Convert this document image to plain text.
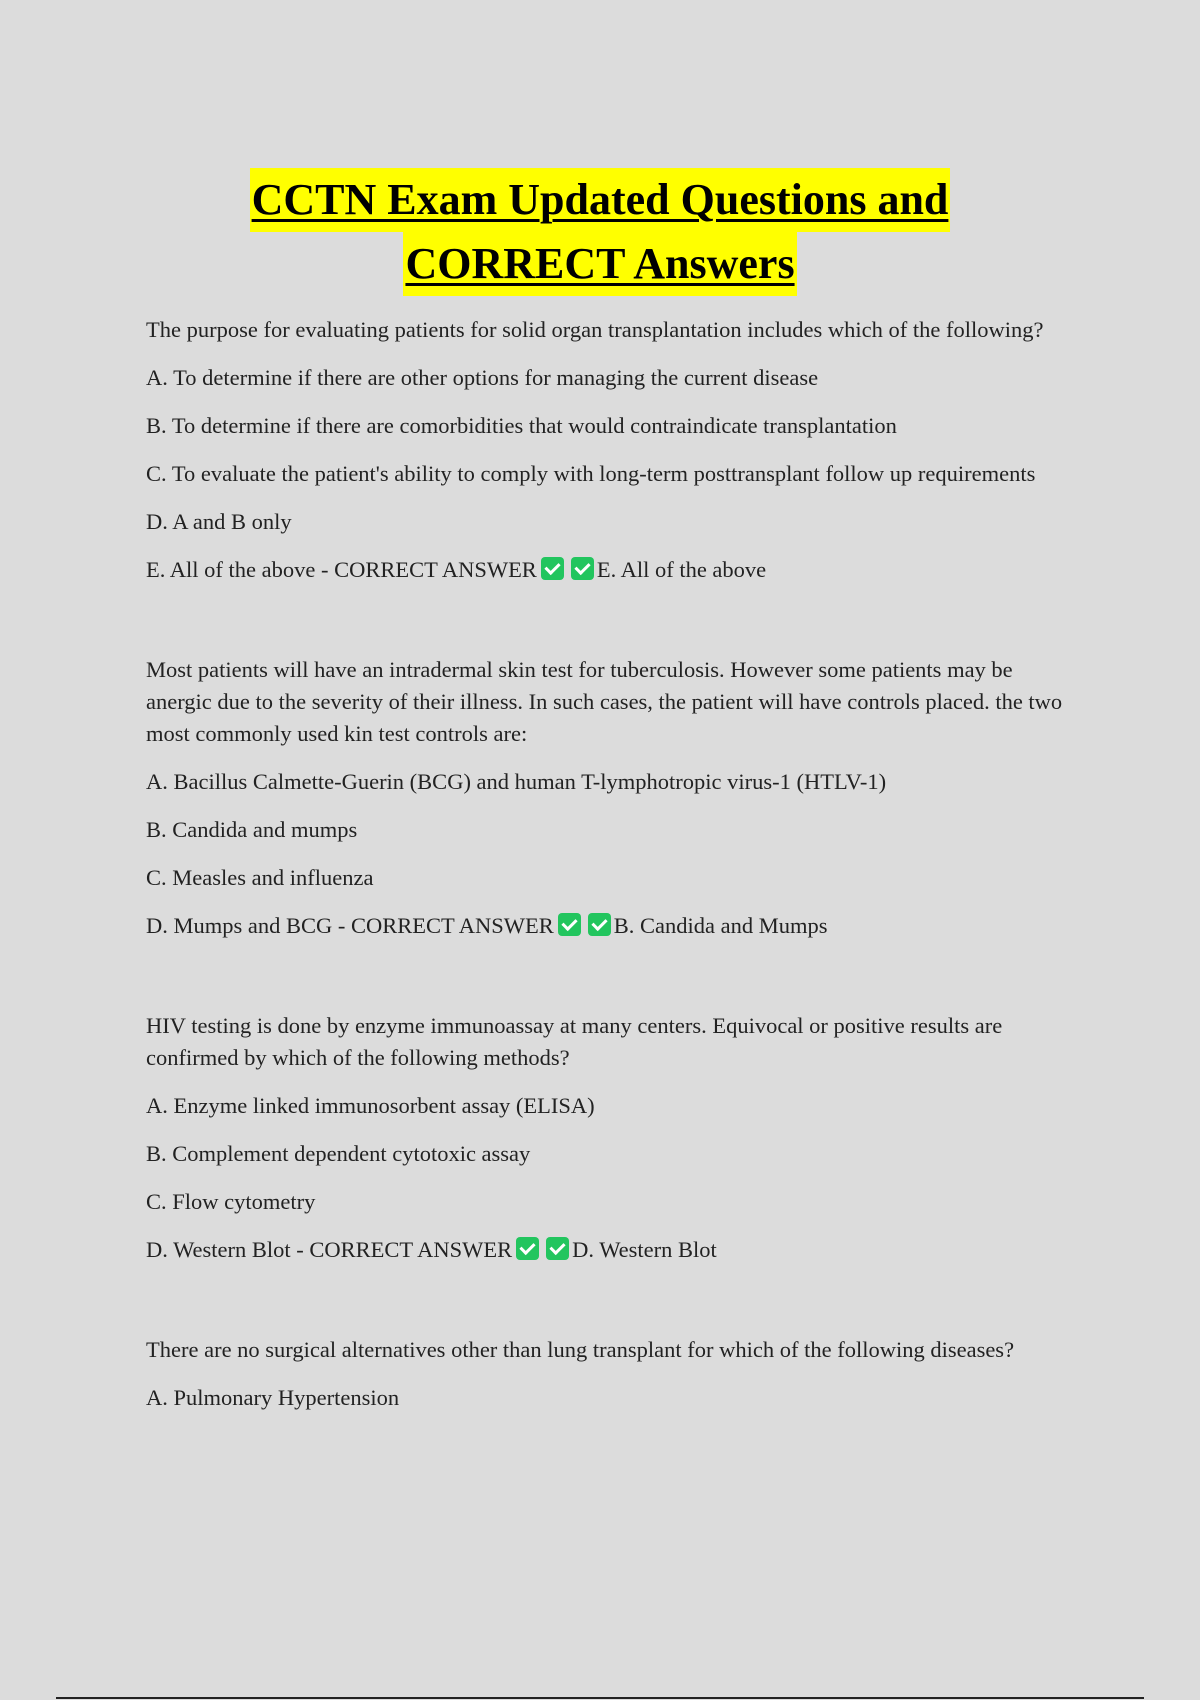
CCTN Exam Updated Questions and
CORRECT Answers

The purpose for evaluating patients for solid organ transplantation includes which of the following?

A. To determine if there are other options for managing the current disease

B. To determine if there are comorbidities that would contraindicate transplantation

C. To evaluate the patient's ability to comply with long-term posttransplant follow up requirements

D. A and B only

E. All of the above - CORRECT ANSWER	E. All of the above

Most patients will have an intradermal skin test for tuberculosis. However some patients may be anergic due to the severity of their illness. In such cases, the patient will have controls placed. the two most commonly used kin test controls are:

A. Bacillus Calmette-Guerin (BCG) and human T-lymphotropic virus-1 (HTLV-1)

B. Candida and mumps

C. Measles and influenza

D. Mumps and BCG - CORRECT ANSWER	B. Candida and Mumps

HIV testing is done by enzyme immunoassay at many centers. Equivocal or positive results are confirmed by which of the following methods?

A. Enzyme linked immunosorbent assay (ELISA)

B. Complement dependent cytotoxic assay

C. Flow cytometry

D. Western Blot - CORRECT ANSWER	D. Western Blot

There are no surgical alternatives other than lung transplant for which of the following diseases?

A. Pulmonary Hypertension
